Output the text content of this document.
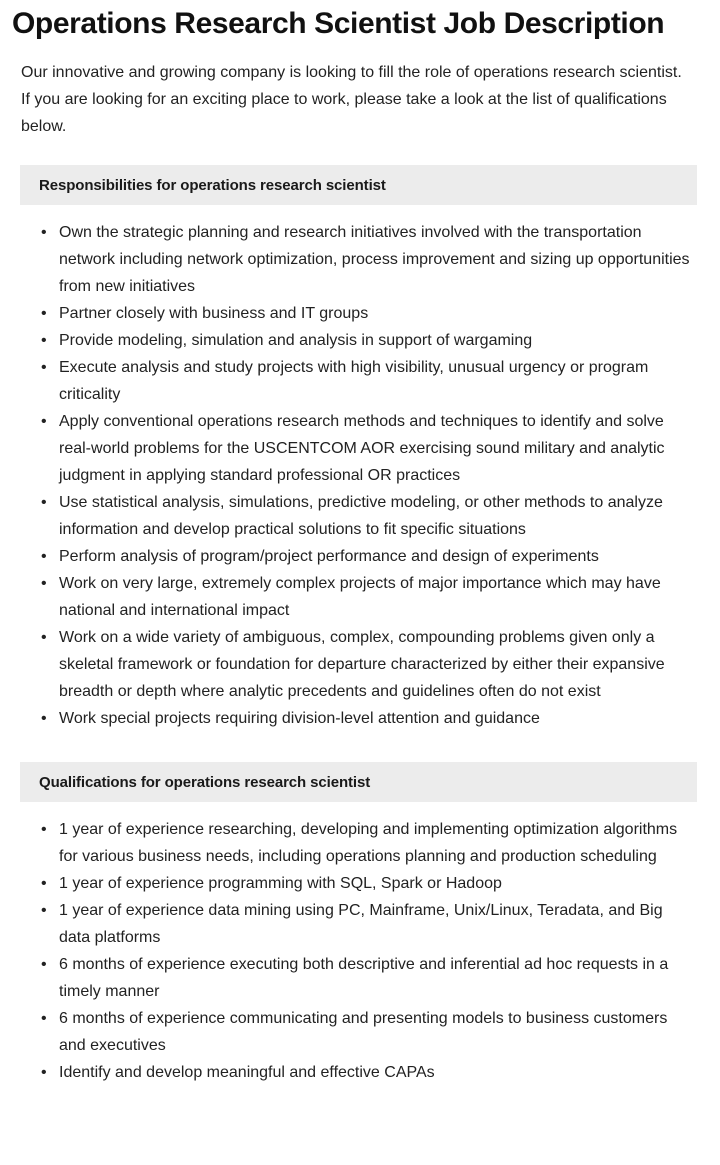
Operations Research Scientist Job Description

Our innovative and growing company is looking to fill the role of operations research scientist. If you are looking for an exciting place to work, please take a look at the list of qualifications below.

Responsibilities for operations research scientist
• Own the strategic planning and research initiatives involved with the transportation network including network optimization, process improvement and sizing up opportunities from new initiatives
• Partner closely with business and IT groups
• Provide modeling, simulation and analysis in support of wargaming
• Execute analysis and study projects with high visibility, unusual urgency or program criticality
• Apply conventional operations research methods and techniques to identify and solve real-world problems for the USCENTCOM AOR exercising sound military and analytic judgment in applying standard professional OR practices
• Use statistical analysis, simulations, predictive modeling, or other methods to analyze information and develop practical solutions to fit specific situations
• Perform analysis of program/project performance and design of experiments
• Work on very large, extremely complex projects of major importance which may have national and international impact
• Work on a wide variety of ambiguous, complex, compounding problems given only a skeletal framework or foundation for departure characterized by either their expansive breadth or depth where analytic precedents and guidelines often do not exist
• Work special projects requiring division-level attention and guidance
Qualifications for operations research scientist
• 1 year of experience researching, developing and implementing optimization algorithms for various business needs, including operations planning and production scheduling
• 1 year of experience programming with SQL, Spark or Hadoop
• 1 year of experience data mining using PC, Mainframe, Unix/Linux, Teradata, and Big data platforms
• 6 months of experience executing both descriptive and inferential ad hoc requests in a timely manner
• 6 months of experience communicating and presenting models to business customers and executives
• Identify and develop meaningful and effective CAPAs
